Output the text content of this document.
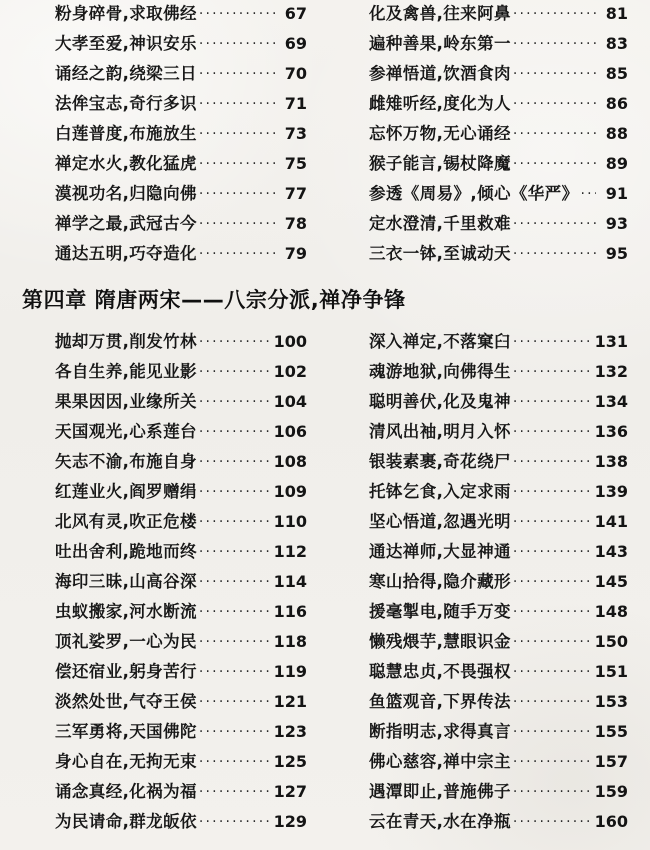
粉身碎骨,求取佛经 ·····	67
大孝至爱,神识安乐 ·····	69
诵经之韵,绕梁三日 ·····	70
法侔宝志,奇行多识 ·····	71
白莲普度,布施放生 ·····	73
禅定水火,教化猛虎 ·····	75
漠视功名,归隐向佛 ·····	77
禅学之最,武冠古今 ·····	78
通达五明,巧夺造化 ·····	79
化及禽兽,往来阿鼻 ·····	81
遍种善果,岭东第一 ·····	83
参禅悟道,饮酒食肉 ·····	85
雌雉听经,度化为人 ·····	86
忘怀万物,无心诵经 ·····	88
猴子能言,锡杖降魔 ·····	89
参透《周易》,倾心《华严》 ·····	91
定水澄清,千里救难 ·····	93
三衣一钵,至诚动天 ·····	95
第四章 隋唐两宋——八宗分派,禅净争锋
抛却万贯,削发竹林 ·····	100
各自生养,能见业影 ·····	102
果果因因,业缘所关 ·····	104
天国观光,心系莲台 ·····	106
矢志不渝,布施自身 ·····	108
红莲业火,阎罗赠绢 ·····	109
北风有灵,吹正危楼 ·····	110
吐出舍利,跪地而终 ·····	112
海印三昧,山高谷深 ·····	114
虫蚁搬家,河水断流 ·····	116
顶礼娑罗,一心为民 ·····	118
偿还宿业,躬身苦行 ·····	119
淡然处世,气夺王侯 ·····	121
三军勇将,天国佛陀 ·····	123
身心自在,无拘无束 ·····	125
诵念真经,化祸为福 ·····	127
为民请命,群龙皈依 ·····	129
深入禅定,不落窠臼 ·····	131
魂游地狱,向佛得生 ·····	132
聪明善伏,化及鬼神 ·····	134
清风出袖,明月入怀 ·····	136
银装素裹,奇花绕尸 ·····	138
托钵乞食,入定求雨 ·····	139
坚心悟道,忽遇光明 ·····	141
通达禅师,大显神通 ·····	143
寒山拾得,隐介藏形 ·····	145
援毫掣电,随手万变 ·····	148
懒残煨芋,慧眼识金 ·····	150
聪慧忠贞,不畏强权 ·····	151
鱼篮观音,下界传法 ·····	153
断指明志,求得真言 ·····	155
佛心慈容,禅中宗主 ·····	157
遇潭即止,普施佛子 ·····	159
云在青天,水在净瓶 ·····	160
